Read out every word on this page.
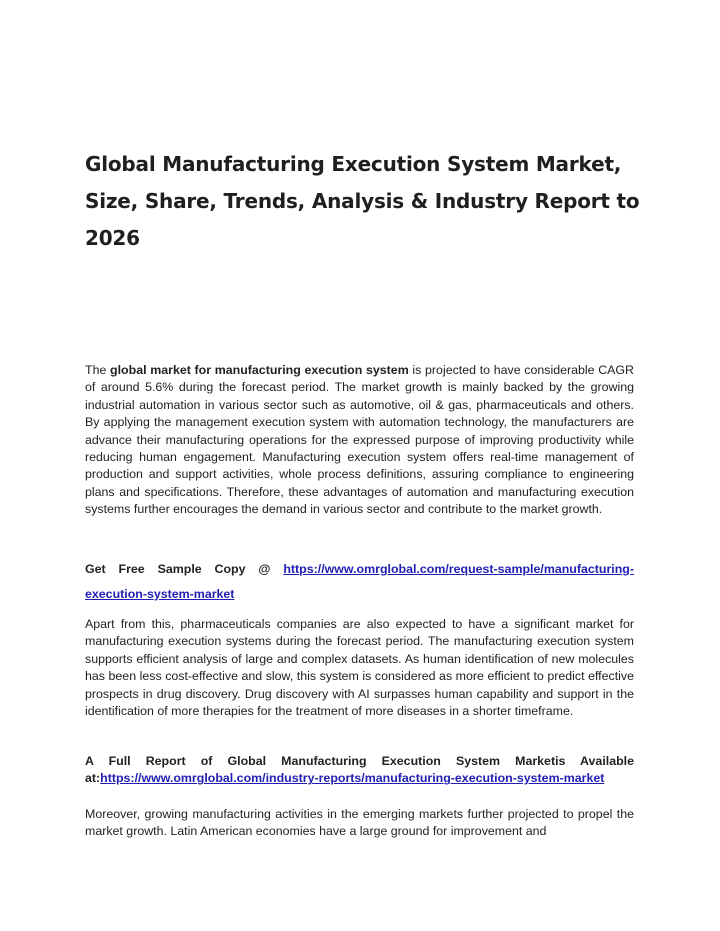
Global Manufacturing Execution System Market, Size, Share, Trends, Analysis & Industry Report to 2026

The global market for manufacturing execution system is projected to have considerable CAGR of around 5.6% during the forecast period. The market growth is mainly backed by the growing industrial automation in various sector such as automotive, oil & gas, pharmaceuticals and others. By applying the management execution system with automation technology, the manufacturers are advance their manufacturing operations for the expressed purpose of improving productivity while reducing human engagement. Manufacturing execution system offers real-time management of production and support activities, whole process definitions, assuring compliance to engineering plans and specifications. Therefore, these advantages of automation and manufacturing execution systems further encourages the demand in various sector and contribute to the market growth.

Get Free Sample Copy @ https://www.omrglobal.com/request-sample/manufacturing-execution-system-market

Apart from this, pharmaceuticals companies are also expected to have a significant market for manufacturing execution systems during the forecast period. The manufacturing execution system supports efficient analysis of large and complex datasets. As human identification of new molecules has been less cost-effective and slow, this system is considered as more efficient to predict effective prospects in drug discovery. Drug discovery with AI surpasses human capability and support in the identification of more therapies for the treatment of more diseases in a shorter timeframe.

A Full Report of Global Manufacturing Execution System Marketis Available at:https://www.omrglobal.com/industry-reports/manufacturing-execution-system-market

Moreover, growing manufacturing activities in the emerging markets further projected to propel the market growth. Latin American economies have a large ground for improvement and
